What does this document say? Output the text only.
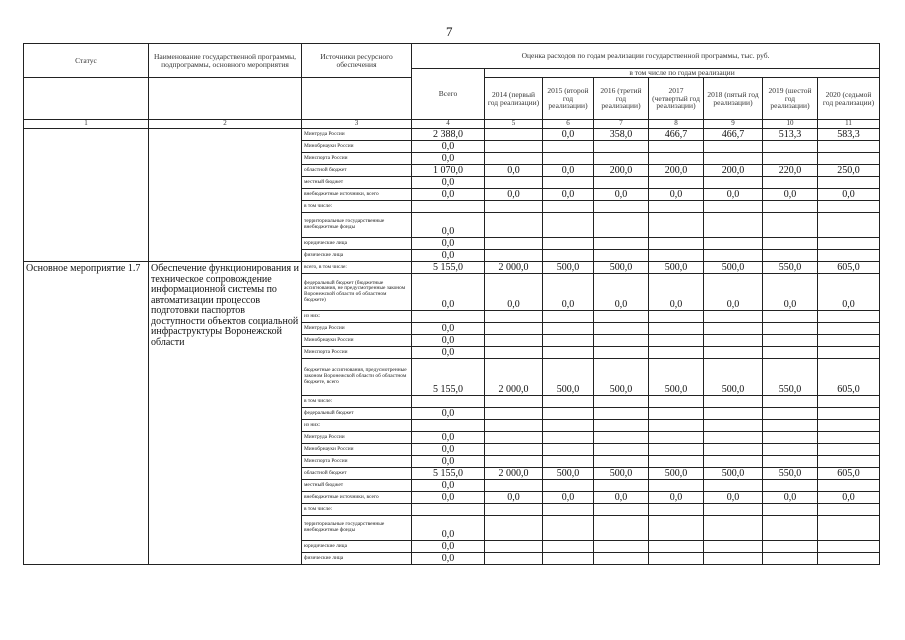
7
Статус	Наименование государственной программы, подпрограммы, основного мероприятия	Источники ресурсного обеспечения	Оценка расходов по годам реализации государственной программы, тыс. руб.							
			Всего	в том числе по годам реализации						
				2014 (первый год реализации)	2015 (второй год реализации)	2016 (третий год реализации)	2017 (четвертый год реализации)	2018 (пятый год реализации)	2019 (шестой год реализации)	2020 (седьмой год реализации)
1	2	3	4	5	6	7	8	9	10	11
		Минтруда России	2 388,0		0,0	358,0	466,7	466,7	513,3	583,3
		Минобрнауки России	0,0							
		Минспорта России	0,0							
		областной бюджет	1 070,0	0,0	0,0	200,0	200,0	200,0	220,0	250,0
		местный бюджет	0,0							
		внебюджетные источники, всего	0,0	0,0	0,0	0,0	0,0	0,0	0,0	0,0
		в том числе:								
		территориальные государственные внебюджетные фонды	0,0							
		юридические лица	0,0							
		физические лица	0,0							
Основное мероприятие 1.7	Обеспечение функционирования и техническое сопровождение информационной системы по автоматизации процессов подготовки паспортов доступности объектов социальной инфраструктуры Воронежской области	всего, в том числе:	5 155,0	2 000,0	500,0	500,0	500,0	500,0	550,0	605,0
		федеральный бюджет (бюджетные ассигнования, не предусмотренные законом Воронежской области об областном бюджете)	0,0	0,0	0,0	0,0	0,0	0,0	0,0	0,0
		из них:								
		Минтруда России	0,0							
		Минобрнауки России	0,0							
		Минспорта России	0,0							
		бюджетные ассигнования, предусмотренные законом Воронежской области об областном бюджете, всего	5 155,0	2 000,0	500,0	500,0	500,0	500,0	550,0	605,0
		в том числе:								
		федеральный бюджет	0,0							
		из них:								
		Минтруда России	0,0							
		Минобрнауки России	0,0							
		Минспорта России	0,0							
		областной бюджет	5 155,0	2 000,0	500,0	500,0	500,0	500,0	550,0	605,0
		местный бюджет	0,0							
		внебюджетные источники, всего	0,0	0,0	0,0	0,0	0,0	0,0	0,0	0,0
		в том числе:								
		территориальные государственные внебюджетные фонды	0,0							
		юридические лица	0,0							
		физические лица	0,0							
